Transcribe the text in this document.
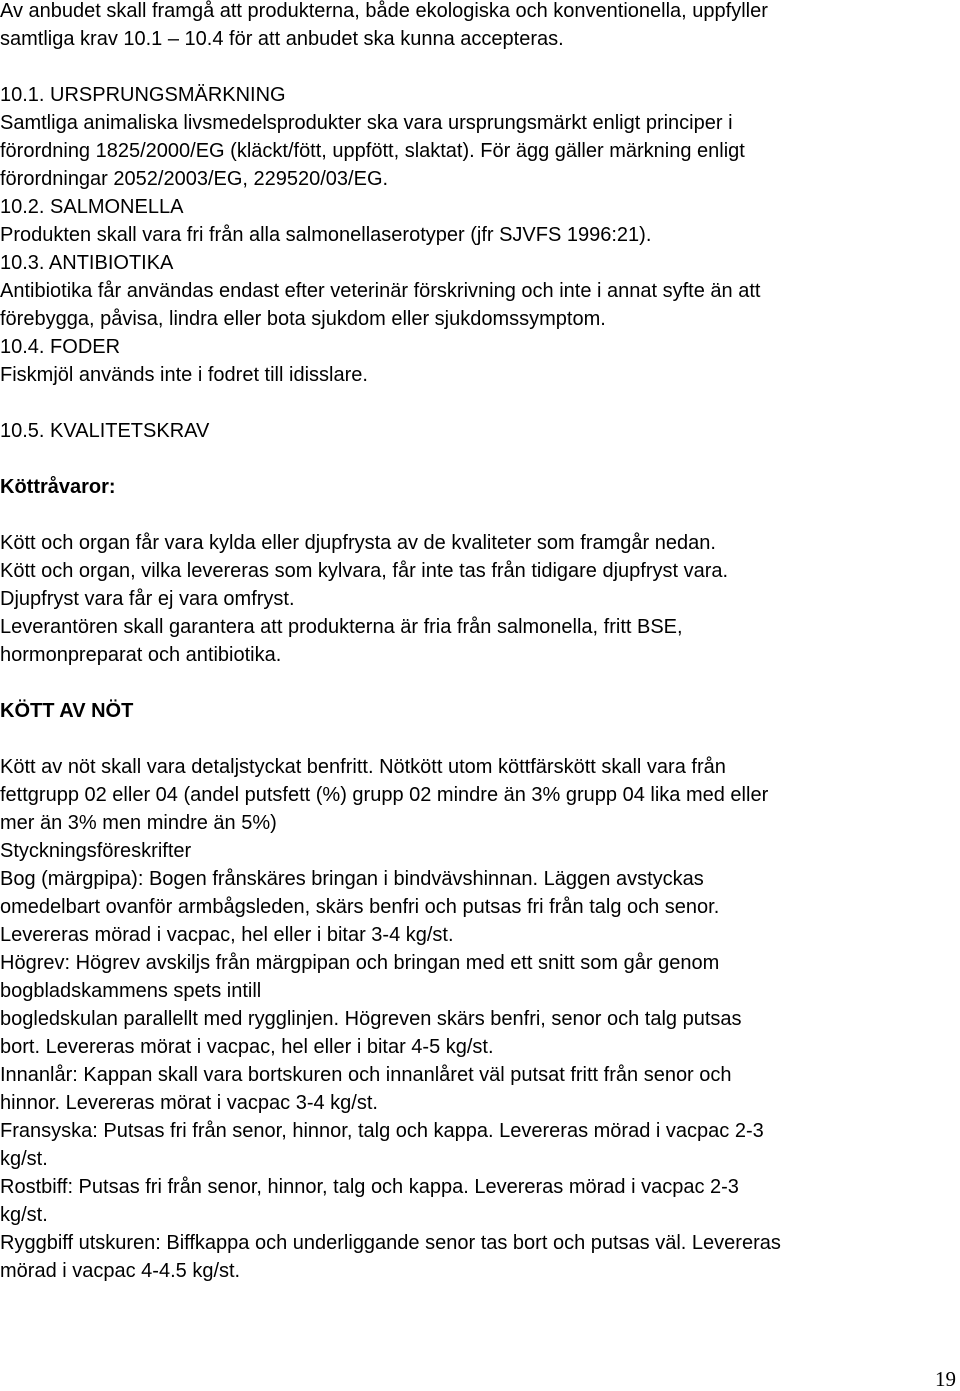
Av anbudet skall framgå att produkterna, både ekologiska och konventionella, uppfyller
samtliga krav 10.1 – 10.4 för att anbudet ska kunna accepteras.
10.1. URSPRUNGSMÄRKNING
Samtliga animaliska livsmedelsprodukter ska vara ursprungsmärkt enligt principer i
förordning 1825/2000/EG (kläckt/fött, uppfött, slaktat). För ägg gäller märkning enligt
förordningar 2052/2003/EG, 229520/03/EG.
10.2. SALMONELLA
Produkten skall vara fri från alla salmonellaserotyper (jfr SJVFS 1996:21).
10.3. ANTIBIOTIKA
Antibiotika får användas endast efter veterinär förskrivning och inte i annat syfte än att
förebygga, påvisa, lindra eller bota sjukdom eller sjukdomssymptom.
10.4. FODER
Fiskmjöl används inte i fodret till idisslare.
10.5. KVALITETSKRAV
Köttråvaror:
Kött och organ får vara kylda eller djupfrysta av de kvaliteter som framgår nedan.
Kött och organ, vilka levereras som kylvara, får inte tas från tidigare djupfryst vara.
Djupfryst vara får ej vara omfryst.
Leverantören skall garantera att produkterna är fria från salmonella, fritt BSE,
hormonpreparat och antibiotika.
KÖTT AV NÖT
Kött av nöt skall vara detaljstyckat benfritt. Nötkött utom köttfärskött skall vara från
fettgrupp 02 eller 04 (andel putsfett (%) grupp 02 mindre än 3% grupp 04 lika med eller
mer än 3% men mindre än 5%)
Styckningsföreskrifter
Bog (märgpipa): Bogen frånskäres bringan i bindvävshinnan. Läggen avstyckas
omedelbart ovanför armbågsleden, skärs benfri och putsas fri från talg och senor.
Levereras mörad i vacpac, hel eller i bitar 3-4 kg/st.
Högrev: Högrev avskiljs från märgpipan och bringan med ett snitt som går genom
bogbladskammens spets intill
bogledskulan parallellt med rygglinjen. Högreven skärs benfri, senor och talg putsas
bort. Levereras mörat i vacpac, hel eller i bitar 4-5 kg/st.
Innanlår: Kappan skall vara bortskuren och innanlåret väl putsat fritt från senor och
hinnor. Levereras mörat i vacpac 3-4 kg/st.
Fransyska: Putsas fri från senor, hinnor, talg och kappa. Levereras mörad i vacpac 2-3
kg/st.
Rostbiff: Putsas fri från senor, hinnor, talg och kappa. Levereras mörad i vacpac 2-3
kg/st.
Ryggbiff utskuren: Biffkappa och underliggande senor tas bort och putsas väl. Levereras
mörad i vacpac 4-4.5 kg/st.
19
